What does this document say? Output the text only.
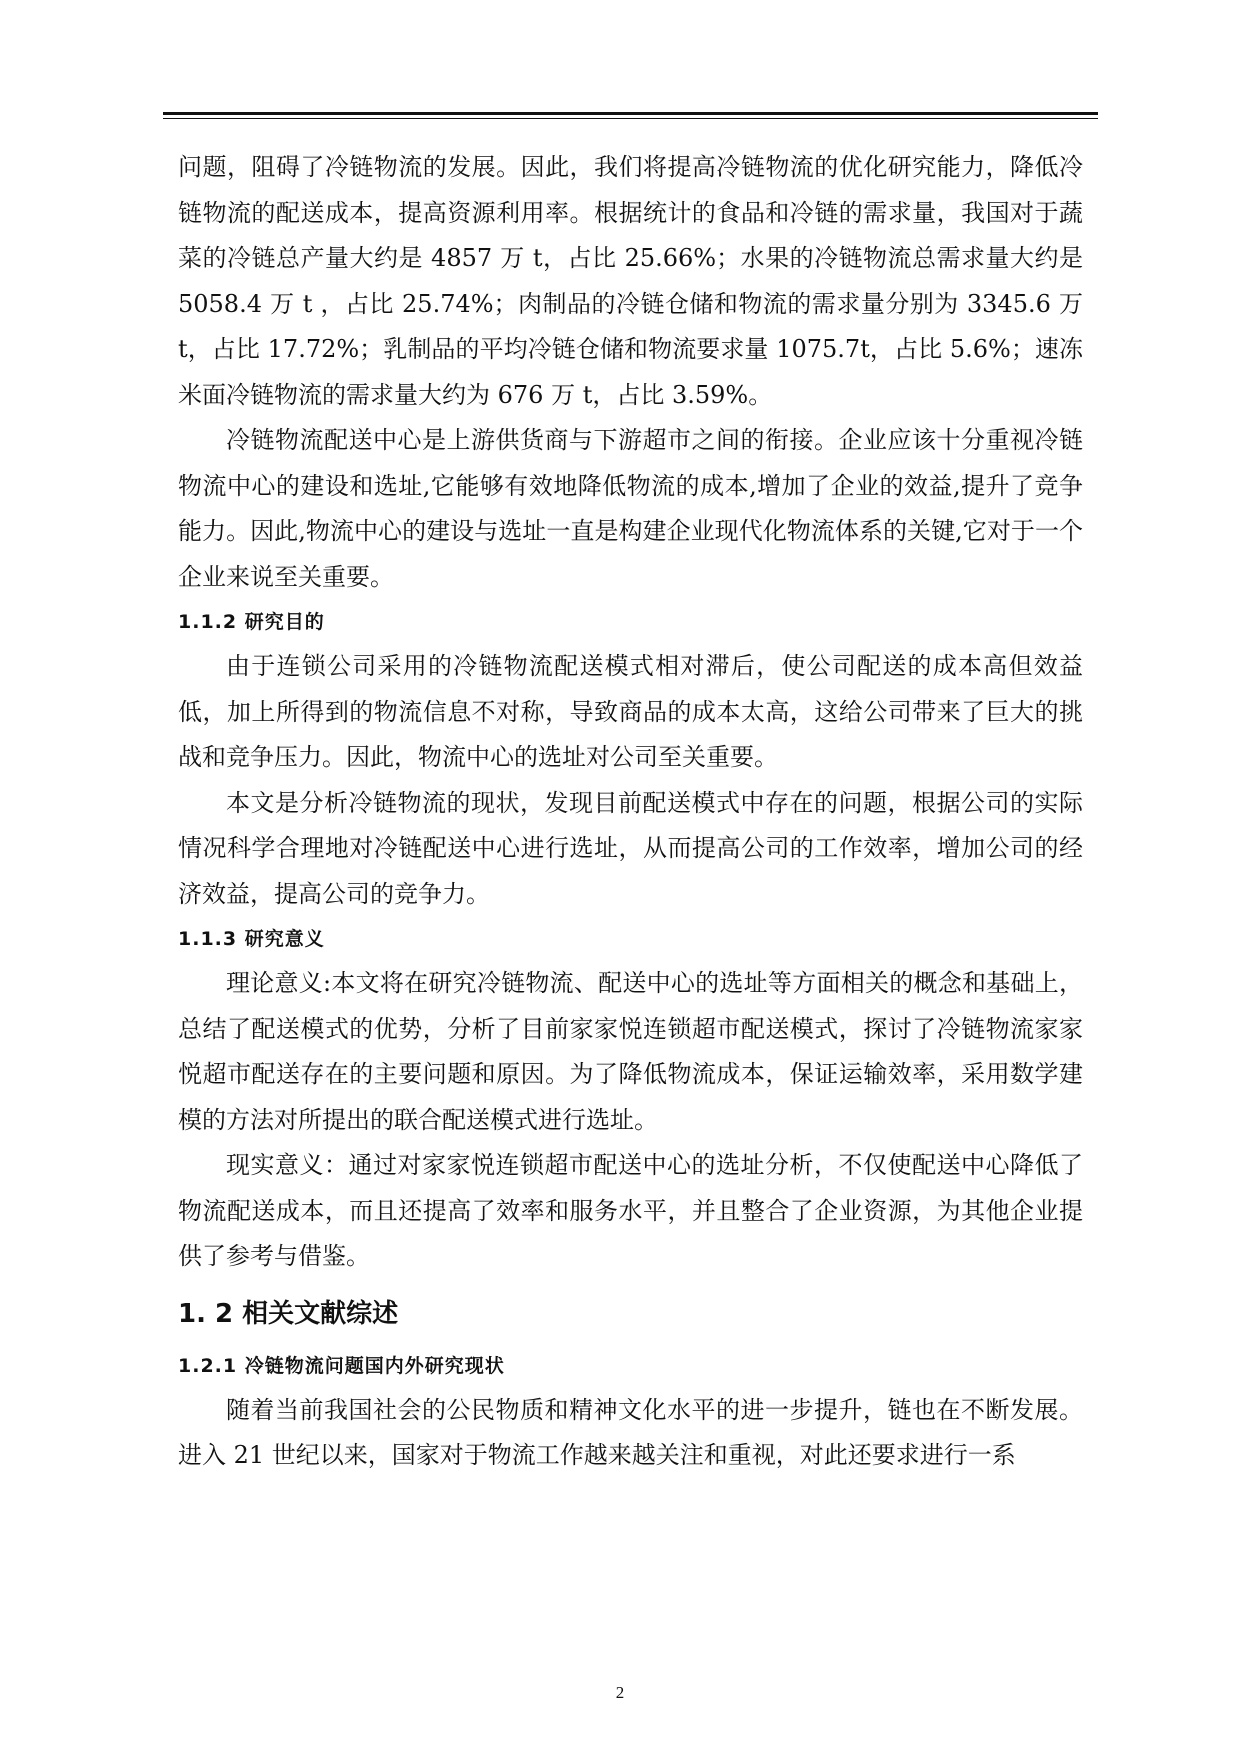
问题，阻碍了冷链物流的发展。因此，我们将提高冷链物流的优化研究能力，降低冷链物流的配送成本，提高资源利用率。根据统计的食品和冷链的需求量，我国对于蔬菜的冷链总产量大约是 4857 万 t，占比 25.66%；水果的冷链物流总需求量大约是 5058.4 万 t ，占比 25.74%；肉制品的冷链仓储和物流的需求量分别为 3345.6 万 t，占比 17.72%；乳制品的平均冷链仓储和物流要求量 1075.7t，占比 5.6%；速冻米面冷链物流的需求量大约为 676 万 t，占比 3.59%。

冷链物流配送中心是上游供货商与下游超市之间的衔接。企业应该十分重视冷链物流中心的建设和选址,它能够有效地降低物流的成本,增加了企业的效益,提升了竞争能力。因此,物流中心的建设与选址一直是构建企业现代化物流体系的关键,它对于一个企业来说至关重要。

1.1.2 研究目的

由于连锁公司采用的冷链物流配送模式相对滞后，使公司配送的成本高但效益低，加上所得到的物流信息不对称，导致商品的成本太高，这给公司带来了巨大的挑战和竞争压力。因此，物流中心的选址对公司至关重要。

本文是分析冷链物流的现状，发现目前配送模式中存在的问题，根据公司的实际情况科学合理地对冷链配送中心进行选址，从而提高公司的工作效率，增加公司的经济效益，提高公司的竞争力。

1.1.3 研究意义

理论意义:本文将在研究冷链物流、配送中心的选址等方面相关的概念和基础上，总结了配送模式的优势，分析了目前家家悦连锁超市配送模式，探讨了冷链物流家家悦超市配送存在的主要问题和原因。为了降低物流成本，保证运输效率，采用数学建模的方法对所提出的联合配送模式进行选址。

现实意义：通过对家家悦连锁超市配送中心的选址分析，不仅使配送中心降低了物流配送成本，而且还提高了效率和服务水平，并且整合了企业资源，为其他企业提供了参考与借鉴。

1. 2 相关文献综述
1.2.1 冷链物流问题国内外研究现状

随着当前我国社会的公民物质和精神文化水平的进一步提升，链也在不断发展。进入 21 世纪以来，国家对于物流工作越来越关注和重视，对此还要求进行一系

2
